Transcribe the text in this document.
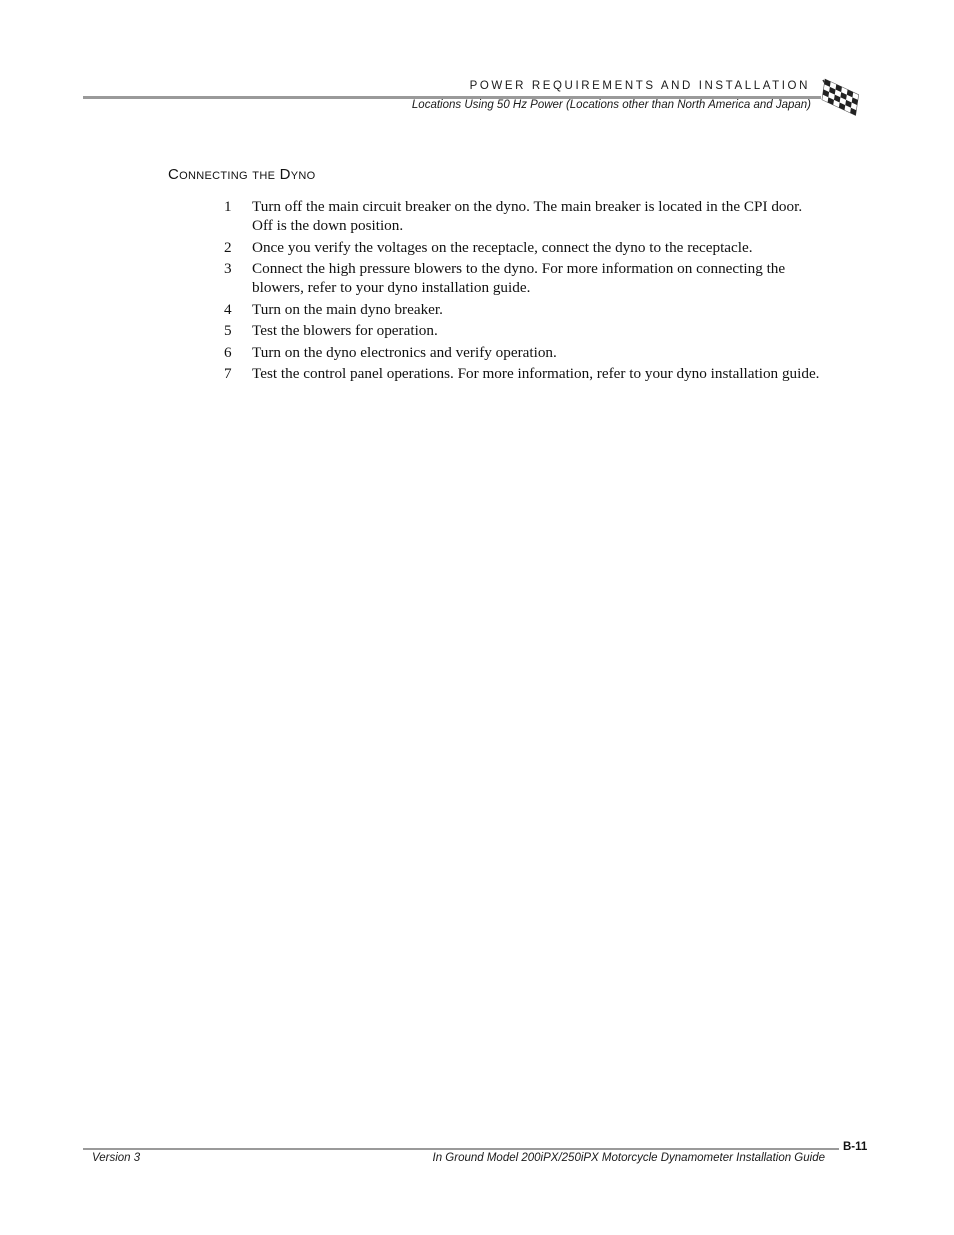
POWER REQUIREMENTS AND INSTALLATION
Locations Using 50 Hz Power (Locations other than North America and Japan)
Connecting the Dyno
1 Turn off the main circuit breaker on the dyno. The main breaker is located in the CPI door. Off is the down position.
2 Once you verify the voltages on the receptacle, connect the dyno to the receptacle.
3 Connect the high pressure blowers to the dyno. For more information on connecting the blowers, refer to your dyno installation guide.
4 Turn on the main dyno breaker.
5 Test the blowers for operation.
6 Turn on the dyno electronics and verify operation.
7 Test the control panel operations. For more information, refer to your dyno installation guide.
B-11
Version 3	In Ground Model 200iPX/250iPX Motorcycle Dynamometer Installation Guide
